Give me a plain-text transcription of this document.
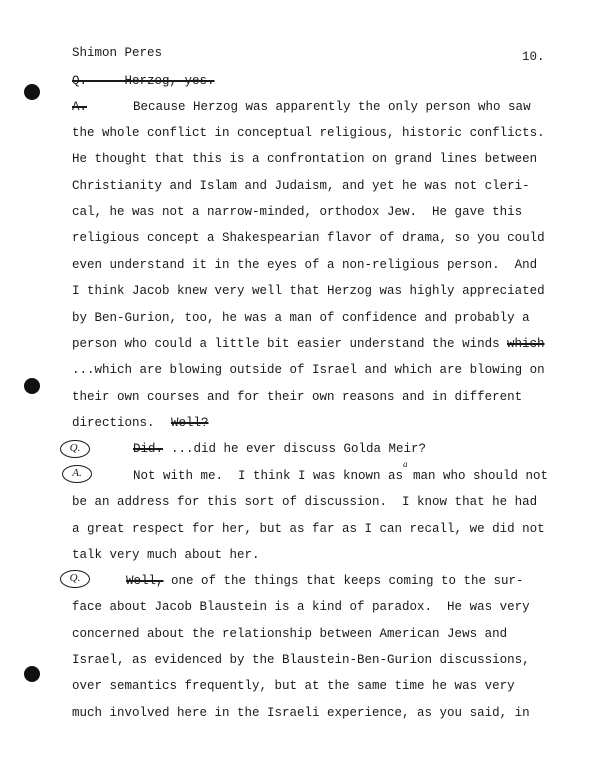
Shimon Peres	10.
Q.     Herzog, yes.
A.	Because Herzog was apparently the only person who saw
the whole conflict in conceptual religious, historic conflicts.
He thought that this is a confrontation on grand lines between
Christianity and Islam and Judaism, and yet he was not cleri-
cal, he was not a narrow-minded, orthodox Jew.  He gave this
religious concept a Shakespearian flavor of drama, so you could
even understand it in the eyes of a non-religious person.  And
I think Jacob knew very well that Herzog was highly appreciated
by Ben-Gurion, too, he was a man of confidence and probably a
person who could a little bit easier understand the winds which
...which are blowing outside of Israel and which are blowing on
their own courses and for their own reasons and in different
directions. Well?
Q.	Did. ...did he ever discuss Golda Meir?
A.	Not with me.  I think I was known as
a
man who should not
be an address for this sort of discussion.  I know that he had
a great respect for her, but as far as I can recall, we did not
talk very much about her.
Q.	Well, one of the things that keeps coming to the sur-
face about Jacob Blaustein is a kind of paradox.  He was very
concerned about the relationship between American Jews and
Israel, as evidenced by the Blaustein-Ben-Gurion discussions,
over semantics frequently, but at the same time he was very
much involved here in the Israeli experience, as you said, in
